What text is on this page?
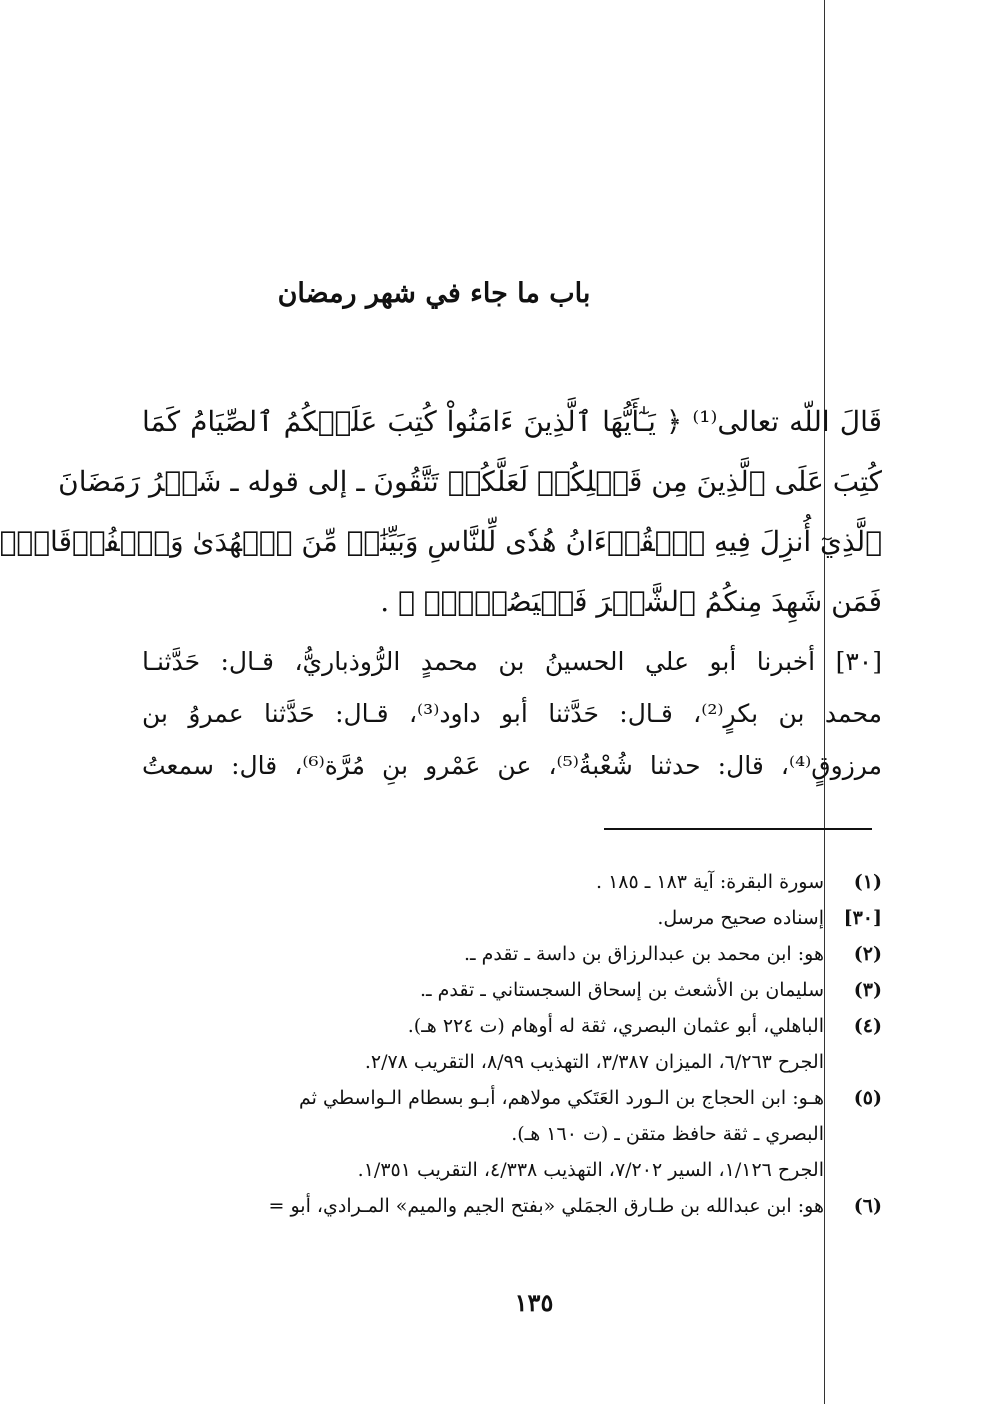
باب ما جاء في شهر رمضان
قَالَ اللّه تعالى⁽¹⁾ ﴿ يَـٰٓأَيُّهَا ٱلَّذِينَ ءَامَنُواْ كُتِبَ عَلَيۡكُمُ ٱلصِّيَامُ كَمَا
كُتِبَ عَلَى ٱلَّذِينَ مِن قَبۡلِكُمۡ لَعَلَّكُمۡ تَتَّقُونَ ـ إلى قوله ـ شَهۡرُ رَمَضَانَ
ٱلَّذِيٓ أُنزِلَ فِيهِ ٱلۡقُرۡءَانُ هُدٗى لِّلنَّاسِ وَبَيِّنَٰتٖ مِّنَ ٱلۡهُدَىٰ وَٱلۡفُرۡقَانِۚ
فَمَن شَهِدَ مِنكُمُ ٱلشَّهۡرَ فَلۡيَصُمۡهُۖ ﴾ .
[٣٠] أخبرنا أبو علي الحسينُ بن محمدٍ الرُّوذباريُّ، قـال: حَدَّثنـا
محمد بن بكرٍ⁽²⁾، قـال: حَدَّثنا أبو داود⁽³⁾، قـال: حَدَّثنا عمروُ بن
مرزوقٍ⁽⁴⁾، قال: حدثنا شُعْبةُ⁽⁵⁾، عن عَمْرو بنِ مُرَّة⁽⁶⁾، قال: سمعتُ
(١)
سورة البقرة: آية ١٨٣ ـ ١٨٥ .
[٣٠]
إسناده صحيح مرسل.
(٢)
هو: ابن محمد بن عبدالرزاق بن داسة ـ تقدم ـ.
(٣)
سليمان بن الأشعث بن إسحاق السجستاني ـ تقدم ـ.
(٤)
الباهلي، أبو عثمان البصري، ثقة له أوهام (ت ٢٢٤ هـ).
الجرح ٦/٢٦٣، الميزان ٣/٣٨٧، التهذيب ٨/٩٩، التقريب ٢/٧٨.
(٥)
هـو: ابن الحجاج بن الـورد العَتَكي مولاهم، أبـو بسطام الـواسطي ثم
البصري ـ ثقة حافظ متقن ـ (ت ١٦٠ هـ).
الجرح ١/١٢٦، السير ٧/٢٠٢، التهذيب ٤/٣٣٨، التقريب ١/٣٥١.
(٦)
هو: ابن عبدالله بن طـارق الجمَلي «بفتح الجيم والميم» المـرادي، أبو =
١٣٥
